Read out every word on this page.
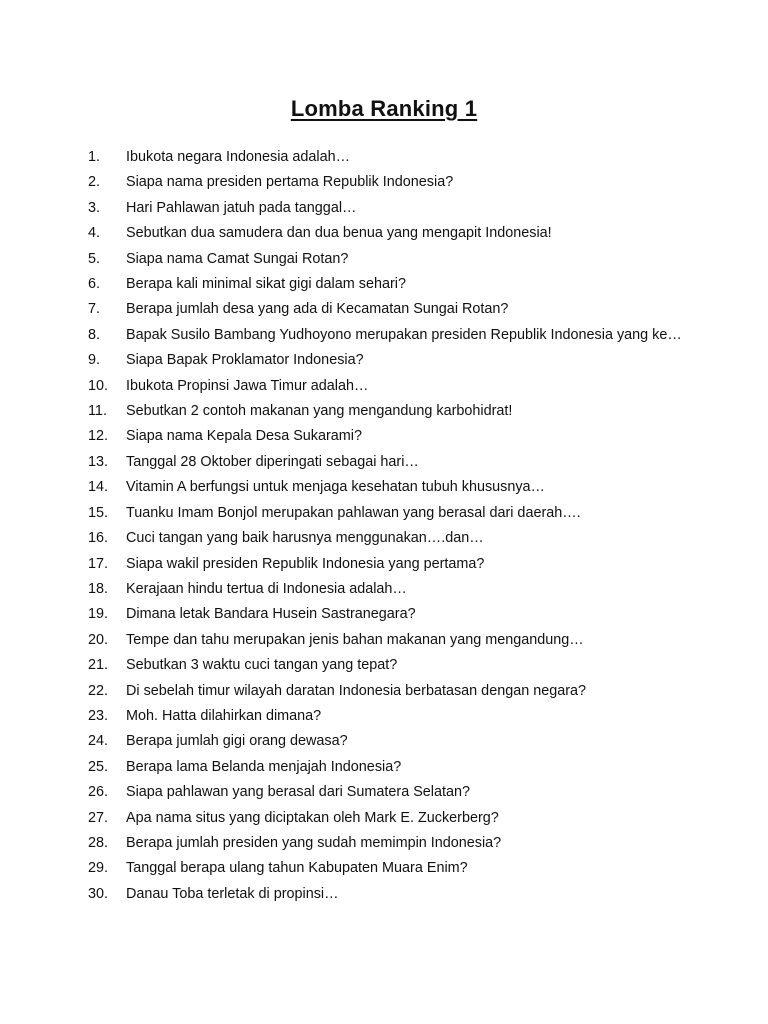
Lomba Ranking 1
1. Ibukota negara Indonesia adalah…
2. Siapa nama presiden pertama Republik Indonesia?
3. Hari Pahlawan jatuh pada tanggal…
4. Sebutkan dua samudera dan dua benua yang mengapit Indonesia!
5. Siapa nama Camat Sungai Rotan?
6. Berapa kali minimal sikat gigi dalam sehari?
7. Berapa jumlah desa yang ada di Kecamatan Sungai Rotan?
8. Bapak Susilo Bambang Yudhoyono merupakan presiden Republik Indonesia yang ke…
9. Siapa Bapak Proklamator Indonesia?
10. Ibukota Propinsi Jawa Timur adalah…
11. Sebutkan 2 contoh makanan yang mengandung karbohidrat!
12. Siapa nama Kepala Desa Sukarami?
13. Tanggal 28 Oktober diperingati sebagai hari…
14. Vitamin A berfungsi untuk menjaga kesehatan tubuh khususnya…
15. Tuanku Imam Bonjol merupakan pahlawan yang berasal dari daerah….
16. Cuci tangan yang baik harusnya menggunakan….dan…
17. Siapa wakil presiden Republik Indonesia yang pertama?
18. Kerajaan hindu tertua di Indonesia adalah…
19. Dimana letak Bandara Husein Sastranegara?
20. Tempe dan tahu merupakan jenis bahan makanan yang mengandung…
21. Sebutkan 3 waktu cuci tangan yang tepat?
22. Di sebelah timur wilayah daratan Indonesia berbatasan dengan negara?
23. Moh. Hatta dilahirkan dimana?
24. Berapa jumlah gigi orang dewasa?
25. Berapa lama Belanda menjajah Indonesia?
26. Siapa pahlawan yang berasal dari Sumatera Selatan?
27. Apa nama situs yang diciptakan oleh Mark E. Zuckerberg?
28. Berapa jumlah presiden yang sudah memimpin Indonesia?
29. Tanggal berapa ulang tahun Kabupaten Muara Enim?
30. Danau Toba terletak di propinsi…
